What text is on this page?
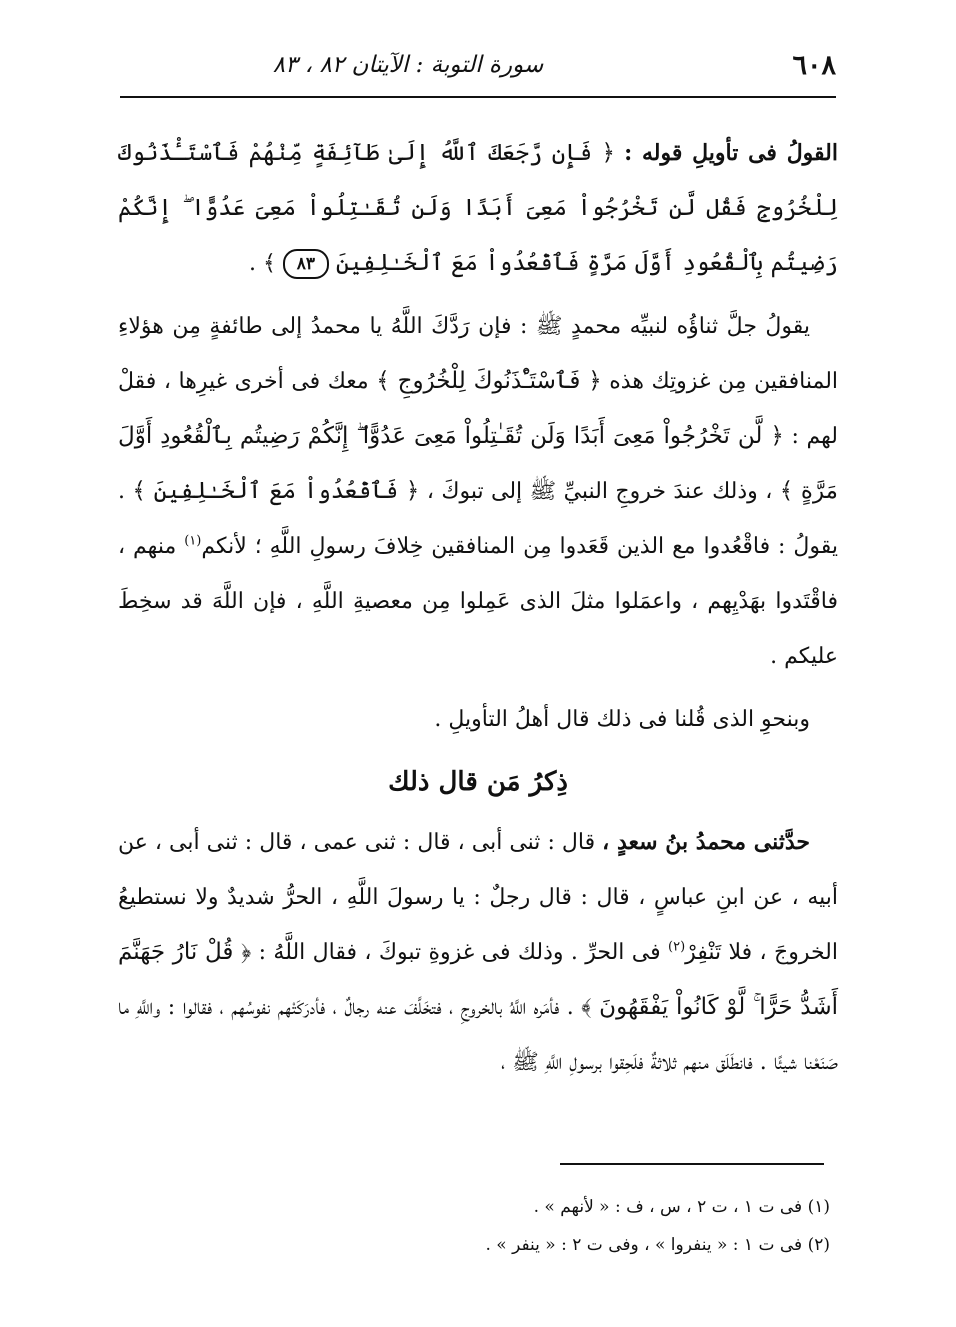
٦٠٨
سورة التوبة : الآيتان ٨٢ ، ٨٣

القولُ فى تأويلِ قوله : ﴿ فَإِن رَّجَعَكَ ٱللَّهُ إِلَىٰ طَآئِفَةٍ مِّنْهُمْ فَٱسْتَـْٔذَنُوكَ لِلْخُرُوجِ فَقُل لَّن تَخْرُجُواْ مَعِىَ أَبَدًا وَلَن تُقَـٰتِلُواْ مَعِىَ عَدُوًّا ۖ إِنَّكُمْ رَضِيتُم بِٱلْقُعُودِ أَوَّلَ مَرَّةٍ فَٱقْعُدُواْ مَعَ ٱلْخَـٰلِفِينَ ٨٣ ﴾ .

يقولُ جلَّ ثناؤُه لنبيِّه محمدٍ ﷺ : فإن رَدَّكَ اللَّهُ يا محمدُ إلى طائفةٍ مِن هؤلاءِ المنافقين مِن غزوتِك هذه ﴿ فَٱسْتَـْٔذَنُوكَ لِلْخُرُوجِ ﴾ معك فى أخرى غيرِها ، فقلْ لهم : ﴿ لَّن تَخْرُجُواْ مَعِىَ أَبَدًا وَلَن تُقَـٰتِلُواْ مَعِىَ عَدُوًّا ۖ إِنَّكُمْ رَضِيتُم بِٱلْقُعُودِ أَوَّلَ مَرَّةٍ ﴾ ، وذلك عندَ خروجِ النبيِّ ﷺ إلى تبوكَ ، ﴿ فَٱقْعُدُواْ مَعَ ٱلْخَـٰلِفِينَ ﴾ . يقولُ : فاقْعُدوا مع الذين قَعَدوا مِن المنافقين خِلافَ رسولِ اللَّهِ ؛ لأنكم$^{(١)}$ منهم ، فاقْتَدوا بهَدْيِهم ، واعمَلوا مثلَ الذى عَمِلوا مِن معصيةِ اللَّهِ ، فإن اللَّهَ قد سخِطَ عليكم .

وبنحوِ الذى قُلنا فى ذلك قال أهلُ التأويلِ .

ذِكرُ مَن قال ذلك

حدَّثنى محمدُ بنُ سعدٍ ، قال : ثنى أبى ، قال : ثنى عمى ، قال : ثنى أبى ، عن أبيه ، عن ابنِ عباسٍ ، قال : قال رجلٌ : يا رسولَ اللَّهِ ، الحرُّ شديدٌ ولا نستطيعُ الخروجَ ، فلا تَنْفِرْ$^{(٢)}$ فى الحرِّ . وذلك فى غزوةِ تبوكَ ، فقال اللَّهُ : ﴿ قُلْ نَارُ جَهَنَّمَ أَشَدُّ حَرًّا ۚ لَّوْ كَانُواْ يَفْقَهُونَ ﴾ . فأمَره اللَّهُ بالخروجِ ، فتخَلَّفَ عنه رجالٌ ، فأدرَكَتْهم نفوسُهم ، فقالوا : واللَّهِ ما صَنَعْنا شيئًا . فانطَلَق منهم ثلاثةٌ فلَحِقوا برسولِ اللَّهِ ﷺ ،

(١) فى ت ١ ، ت ٢ ، س ، ف : « لأنهم » .

(٢) فى ت ١ : « ينفروا » ، وفى ت ٢ : « ينفر » .
